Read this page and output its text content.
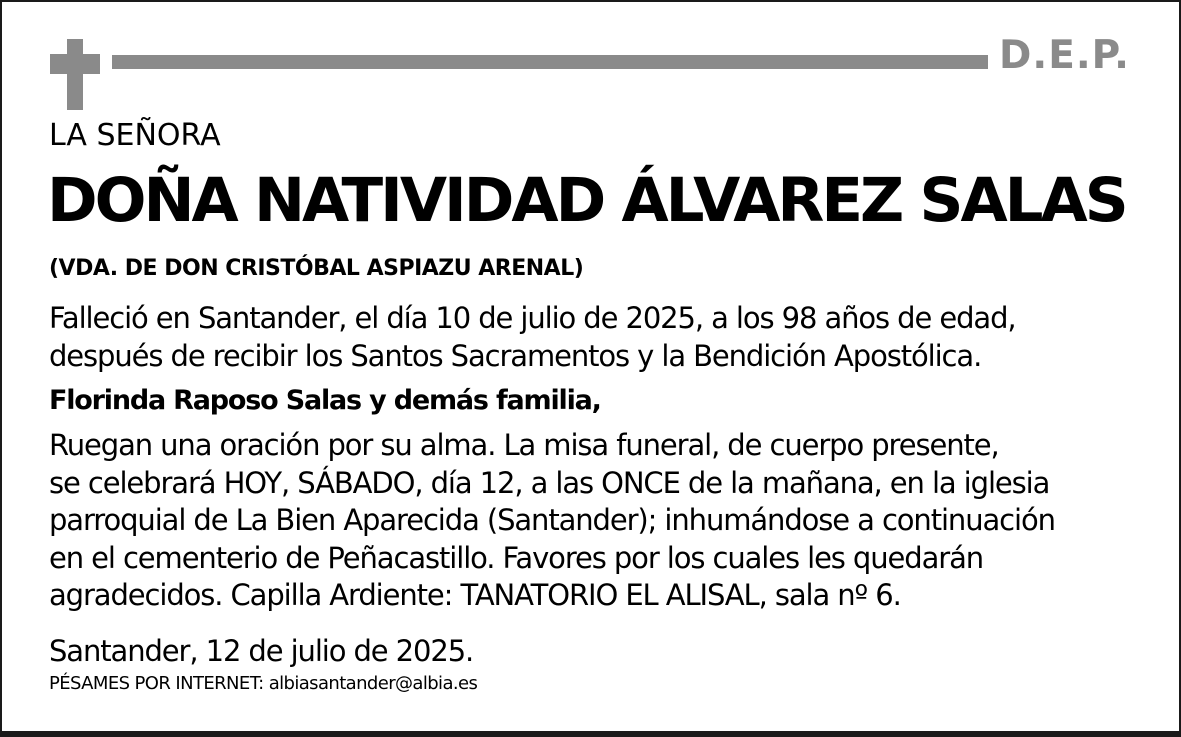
D.E.P.
LA SEÑORA
DOÑA NATIVIDAD ÁLVAREZ SALAS
(VDA. DE DON CRISTÓBAL ASPIAZU ARENAL)
Falleció en Santander, el día 10 de julio de 2025, a los 98 años de edad,
después de recibir los Santos Sacramentos y la Bendición Apostólica.
Florinda Raposo Salas y demás familia,
Ruegan una oración por su alma. La misa funeral, de cuerpo presente,
se celebrará HOY, SÁBADO, día 12, a las ONCE de la mañana, en la iglesia
parroquial de La Bien Aparecida (Santander); inhumándose a continuación
en el cementerio de Peñacastillo. Favores por los cuales les quedarán
agradecidos. Capilla Ardiente: TANATORIO EL ALISAL, sala nº 6.
Santander, 12 de julio de 2025.
PÉSAMES POR INTERNET: albiasantander@albia.es
